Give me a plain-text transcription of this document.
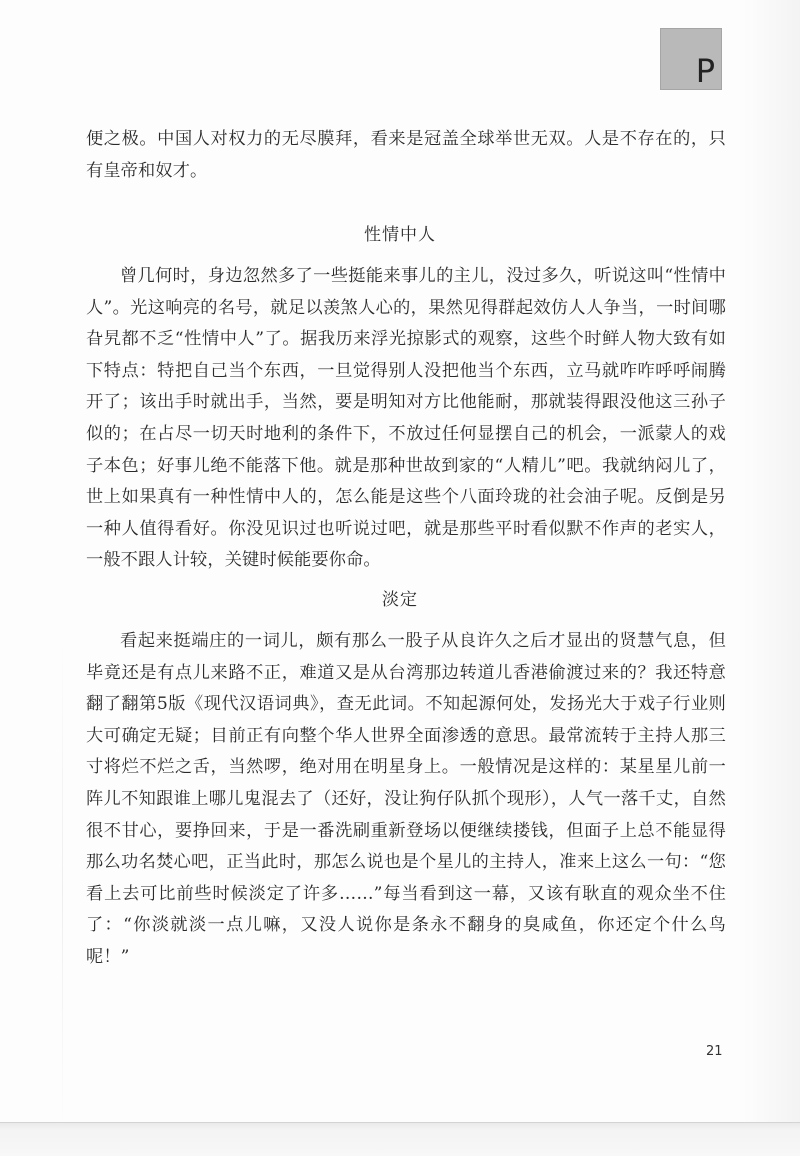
P

便之极。中国人对权力的无尽膜拜，看来是冠盖全球举世无双。人是不存在的，只有皇帝和奴才。

性情中人

曾几何时，身边忽然多了一些挺能来事儿的主儿，没过多久，听说这叫“性情中人”。光这响亮的名号，就足以羡煞人心的，果然见得群起效仿人人争当，一时间哪旮旯都不乏“性情中人”了。据我历来浮光掠影式的观察，这些个时鲜人物大致有如下特点：特把自己当个东西，一旦觉得别人没把他当个东西，立马就咋咋呼呼闹腾开了；该出手时就出手，当然，要是明知对方比他能耐，那就装得跟没他这三孙子似的；在占尽一切天时地利的条件下，不放过任何显摆自己的机会，一派蒙人的戏子本色；好事儿绝不能落下他。就是那种世故到家的“人精儿”吧。我就纳闷儿了，世上如果真有一种性情中人的，怎么能是这些个八面玲珑的社会油子呢。反倒是另一种人值得看好。你没见识过也听说过吧，就是那些平时看似默不作声的老实人，一般不跟人计较，关键时候能要你命。

淡定

看起来挺端庄的一词儿，颇有那么一股子从良许久之后才显出的贤慧气息，但毕竟还是有点儿来路不正，难道又是从台湾那边转道儿香港偷渡过来的？我还特意翻了翻第5版《现代汉语词典》，查无此词。不知起源何处，发扬光大于戏子行业则大可确定无疑；目前正有向整个华人世界全面渗透的意思。最常流转于主持人那三寸将烂不烂之舌，当然啰，绝对用在明星身上。一般情况是这样的：某星星儿前一阵儿不知跟谁上哪儿鬼混去了（还好，没让狗仔队抓个现形），人气一落千丈，自然很不甘心，要挣回来，于是一番洗刷重新登场以便继续搂钱，但面子上总不能显得那么功名焚心吧，正当此时，那怎么说也是个星儿的主持人，准来上这么一句：“您看上去可比前些时候淡定了许多……”每当看到这一幕，又该有耿直的观众坐不住了：“你淡就淡一点儿嘛，又没人说你是条永不翻身的臭咸鱼，你还定个什么鸟呢！”

21
